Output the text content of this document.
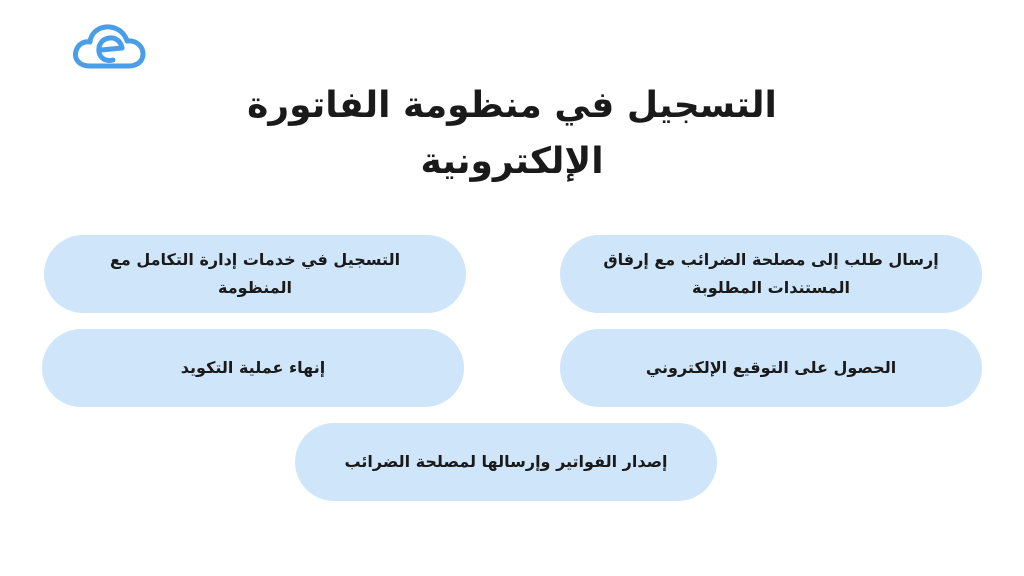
التسجيل في منظومة الفاتورة
الإلكترونية
إرسال طلب إلى مصلحة الضرائب مع إرفاق المستندات المطلوبة
التسجيل في خدمات إدارة التكامل مع المنظومة
الحصول على التوقيع الإلكتروني
إنهاء عملية التكويد
إصدار الفواتير وإرسالها لمصلحة الضرائب
